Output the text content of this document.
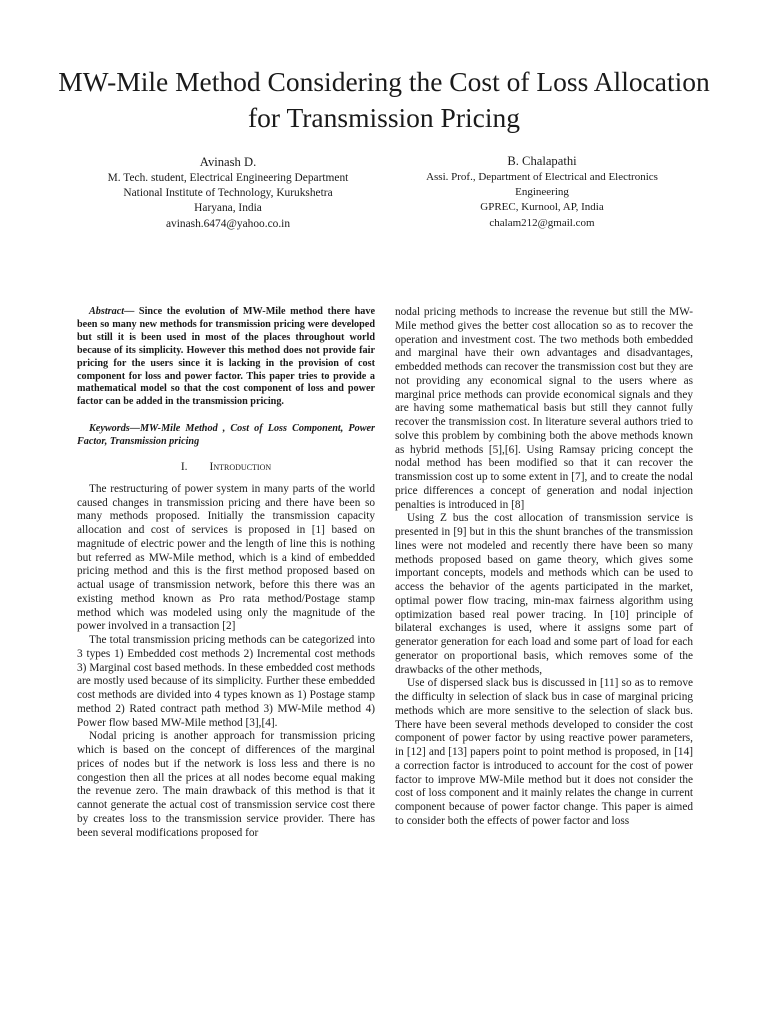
MW-Mile Method Considering the Cost of Loss Allocation for Transmission Pricing
Avinash D.
M. Tech. student, Electrical Engineering Department
National Institute of Technology, Kurukshetra
Haryana, India
avinash.6474@yahoo.co.in
B. Chalapathi
Assi. Prof., Department of Electrical and Electronics
Engineering
GPREC, Kurnool, AP, India
chalam212@gmail.com

Abstract— Since the evolution of MW-Mile method there have been so many new methods for transmission pricing were developed but still it is been used in most of the places throughout world because of its simplicity. However this method does not provide fair pricing for the users since it is lacking in the provision of cost component for loss and power factor. This paper tries to provide a mathematical model so that the cost component of loss and power factor can be added in the transmission pricing.

Keywords—MW-Mile Method , Cost of Loss Component, Power Factor, Transmission pricing

I. Introduction

The restructuring of power system in many parts of the world caused changes in transmission pricing and there have been so many methods proposed. Initially the transmission capacity allocation and cost of services is proposed in [1] based on magnitude of electric power and the length of line this is nothing but referred as MW-Mile method, which is a kind of embedded pricing method and this is the first method proposed based on actual usage of transmission network, before this there was an existing method known as Pro rata method/Postage stamp method which was modeled using only the magnitude of the power involved in a transaction [2]

The total transmission pricing methods can be categorized into 3 types 1) Embedded cost methods 2) Incremental cost methods 3) Marginal cost based methods. In these embedded cost methods are mostly used because of its simplicity. Further these embedded cost methods are divided into 4 types known as 1) Postage stamp method 2) Rated contract path method 3) MW-Mile method 4) Power flow based MW-Mile method [3],[4].

Nodal pricing is another approach for transmission pricing which is based on the concept of differences of the marginal prices of nodes but if the network is loss less and there is no congestion then all the prices at all nodes become equal making the revenue zero. The main drawback of this method is that it cannot generate the actual cost of transmission service cost there by creates loss to the transmission service provider. There has been several modifications proposed for

nodal pricing methods to increase the revenue but still the MW-Mile method gives the better cost allocation so as to recover the operation and investment cost. The two methods both embedded and marginal have their own advantages and disadvantages, embedded methods can recover the transmission cost but they are not providing any economical signal to the users where as marginal price methods can provide economical signals and they are having some mathematical basis but still they cannot fully recover the transmission cost. In literature several authors tried to solve this problem by combining both the above methods known as hybrid methods [5],[6]. Using Ramsay pricing concept the nodal method has been modified so that it can recover the transmission cost up to some extent in [7], and to create the nodal price differences a concept of generation and nodal injection penalties is introduced in [8]

Using Z bus the cost allocation of transmission service is presented in [9] but in this the shunt branches of the transmission lines were not modeled and recently there have been so many methods proposed based on game theory, which gives some important concepts, models and methods which can be used to access the behavior of the agents participated in the market, optimal power flow tracing, min-max fairness algorithm using optimization based real power tracing. In [10] principle of bilateral exchanges is used, where it assigns some part of generator generation for each load and some part of load for each generator on proportional basis, which removes some of the drawbacks of the other methods,

Use of dispersed slack bus is discussed in [11] so as to remove the difficulty in selection of slack bus in case of marginal pricing methods which are more sensitive to the selection of slack bus. There have been several methods developed to consider the cost component of power factor by using reactive power parameters, in [12] and [13] papers point to point method is proposed, in [14] a correction factor is introduced to account for the cost of power factor to improve MW-Mile method but it does not consider the cost of loss component and it mainly relates the change in current component because of power factor change. This paper is aimed to consider both the effects of power factor and loss
